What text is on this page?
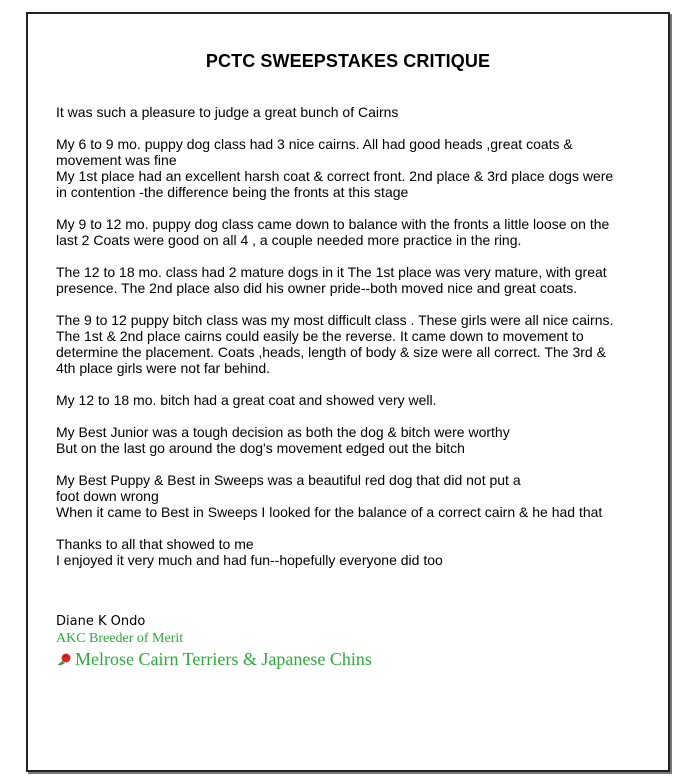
PCTC SWEEPSTAKES CRITIQUE

It was such a pleasure to judge a great bunch of Cairns

My 6 to 9 mo. puppy dog class had 3 nice cairns. All had good heads ,great coats &
movement was fine
My 1st place had an excellent harsh coat & correct front. 2nd place & 3rd place dogs were
in contention -the difference being the fronts at this stage

My 9 to 12 mo. puppy dog class came down to balance with the fronts a little loose on the
last 2 Coats were good on all 4 , a couple needed more practice in the ring.

The 12 to 18 mo. class had 2 mature dogs in it The 1st place was very mature, with great
presence. The 2nd place also did his owner pride--both moved nice and great coats.

The 9 to 12 puppy bitch class was my most difficult class . These girls were all nice cairns.
The 1st & 2nd place cairns could easily be the reverse. It came down to movement to
determine the placement. Coats ,heads, length of body & size were all correct. The 3rd &
4th place girls were not far behind.

My 12 to 18 mo. bitch had a great coat and showed very well.

My Best Junior was a tough decision as both the dog & bitch were worthy
But on the last go around the dog's movement edged out the bitch

My Best Puppy & Best in Sweeps was a beautiful red dog that did not put a
foot down wrong
When it came to Best in Sweeps I looked for the balance of a correct cairn & he had that

Thanks to all that showed to me
I enjoyed it very much and had fun--hopefully everyone did too

Diane K Ondo
AKC Breeder of Merit
Melrose Cairn Terriers & Japanese Chins
